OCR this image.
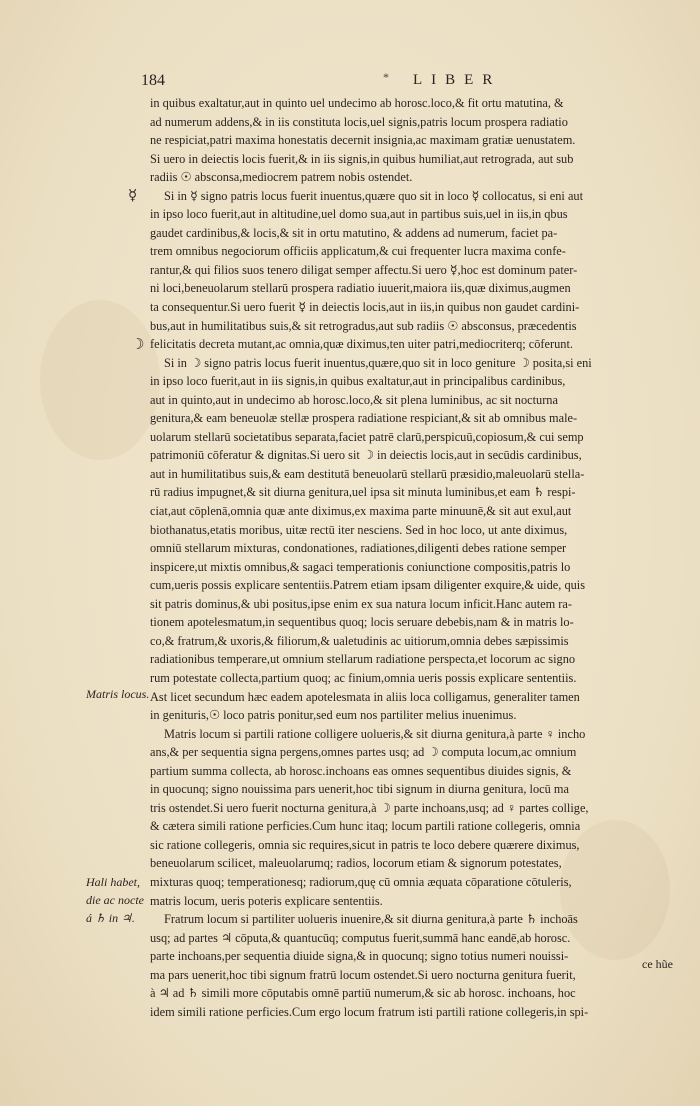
184	* LIBER
☿
☽
Matris locus.
Hali habet,
die ac nocte
á ♄ in ♃.
in quibus exaltatur,aut in quinto uel undecimo ab horosc.loco,& fit ortu matutina, &
ad numerum addens,& in iis constituta locis,uel signis,patris locum prospera radiatio
ne respiciat,patri maxima honestatis decernit insignia,ac maximam gratiæ uenustatem.
Si uero in deiectis locis fuerit,& in iis signis,in quibus humiliat,aut retrograda, aut sub
radiis ☉ absconsa,mediocrem patrem nobis ostendet.
Si in ☿ signo patris locus fuerit inuentus,quære quo sit in loco ☿ collocatus, si eni aut
in ipso loco fuerit,aut in altitudine,uel domo sua,aut in partibus suis,uel in iis,in qbus
gaudet cardinibus,& locis,& sit in ortu matutino, & addens ad numerum, faciet pa-
trem omnibus negociorum officiis applicatum,& cui frequenter lucra maxima confe-
rantur,& qui filios suos tenero diligat semper affectu.Si uero ☿,hoc est dominum pater-
ni loci,beneuolarum stellarū prospera radiatio iuuerit,maiora iis,quæ diximus,augmen
ta consequentur.Si uero fuerit ☿ in deiectis locis,aut in iis,in quibus non gaudet cardini-
bus,aut in humilitatibus suis,& sit retrogradus,aut sub radiis ☉ absconsus, præcedentis
felicitatis decreta mutant,ac omnia,quæ diximus,ten uiter patri,mediocriterq; cōferunt.
Si in ☽ signo patris locus fuerit inuentus,quære,quo sit in loco geniture ☽ posita,si eni
in ipso loco fuerit,aut in iis signis,in quibus exaltatur,aut in principalibus cardinibus,
aut in quinto,aut in undecimo ab horosc.loco,& sit plena luminibus, ac sit nocturna
genitura,& eam beneuolæ stellæ prospera radiatione respiciant,& sit ab omnibus male-
uolarum stellarū societatibus separata,faciet patrē clarū,perspicuū,copiosum,& cui semp
patrimoniū cōferatur & dignitas.Si uero sit ☽ in deiectis locis,aut in secūdis cardinibus,
aut in humilitatibus suis,& eam destitutā beneuolarū stellarū præsidio,maleuolarū stella-
rū radius impugnet,& sit diurna genitura,uel ipsa sit minuta luminibus,et eam ♄ respi-
ciat,aut cōplenā,omnia quæ ante diximus,ex maxima parte minuunē,& sit aut exul,aut
biothanatus,etatis moribus, uitæ rectū iter nesciens. Sed in hoc loco, ut ante diximus,
omniū stellarum mixturas, condonationes, radiationes,diligenti debes ratione semper
inspicere,ut mixtis omnibus,& sagaci temperationis coniunctione compositis,patris lo
cum,ueris possis explicare sententiis.Patrem etiam ipsam diligenter exquire,& uide, quis
sit patris dominus,& ubi positus,ipse enim ex sua natura locum inficit.Hanc autem ra-
tionem apotelesmatum,in sequentibus quoq; locis seruare debebis,nam & in matris lo-
co,& fratrum,& uxoris,& filiorum,& ualetudinis ac uitiorum,omnia debes sæpissimis
radiationibus temperare,ut omnium stellarum radiatione perspecta,et locorum ac signo
rum potestate collecta,partium quoq; ac finium,omnia ueris possis explicare sententiis.
Ast licet secundum hæc eadem apotelesmata in aliis loca colligamus, generaliter tamen
in genituris,☉ loco patris ponitur,sed eum nos partiliter melius inuenimus.
Matris locum si partili ratione colligere uolueris,& sit diurna genitura,à parte ♀ incho
ans,& per sequentia signa pergens,omnes partes usq; ad ☽ computa locum,ac omnium
partium summa collecta, ab horosc.inchoans eas omnes sequentibus diuides signis, &
in quocunq; signo nouissima pars uenerit,hoc tibi signum in diurna genitura, locū ma
tris ostendet.Si uero fuerit nocturna genitura,à ☽ parte inchoans,usq; ad ♀ partes collige,
& cætera simili ratione perficies.Cum hunc itaq; locum partili ratione collegeris, omnia
sic ratione collegeris, omnia sic requires,sicut in patris te loco debere quærere diximus,
beneuolarum scilicet, maleuolarumq; radios, locorum etiam & signorum potestates,
mixturas quoq; temperationesq; radiorum,quę cū omnia æquata cōparatione cōtuleris,
matris locum, ueris poteris explicare sententiis.
Fratrum locum si partiliter uolueris inuenire,& sit diurna genitura,à parte ♄ inchoās
usq; ad partes ♃ cōputa,& quantucūq; computus fuerit,summā hanc eandē,ab horosc.
parte inchoans,per sequentia diuide signa,& in quocunq; signo totius numeri nouissi-
ma pars uenerit,hoc tibi signum fratrū locum ostendet.Si uero nocturna genitura fuerit,
à ♃ ad ♄ simili more cōputabis omnē partiū numerum,& sic ab horosc. inchoans, hoc
idem simili ratione perficies.Cum ergo locum fratrum isti partili ratione collegeris,in spi-
ce hũe
